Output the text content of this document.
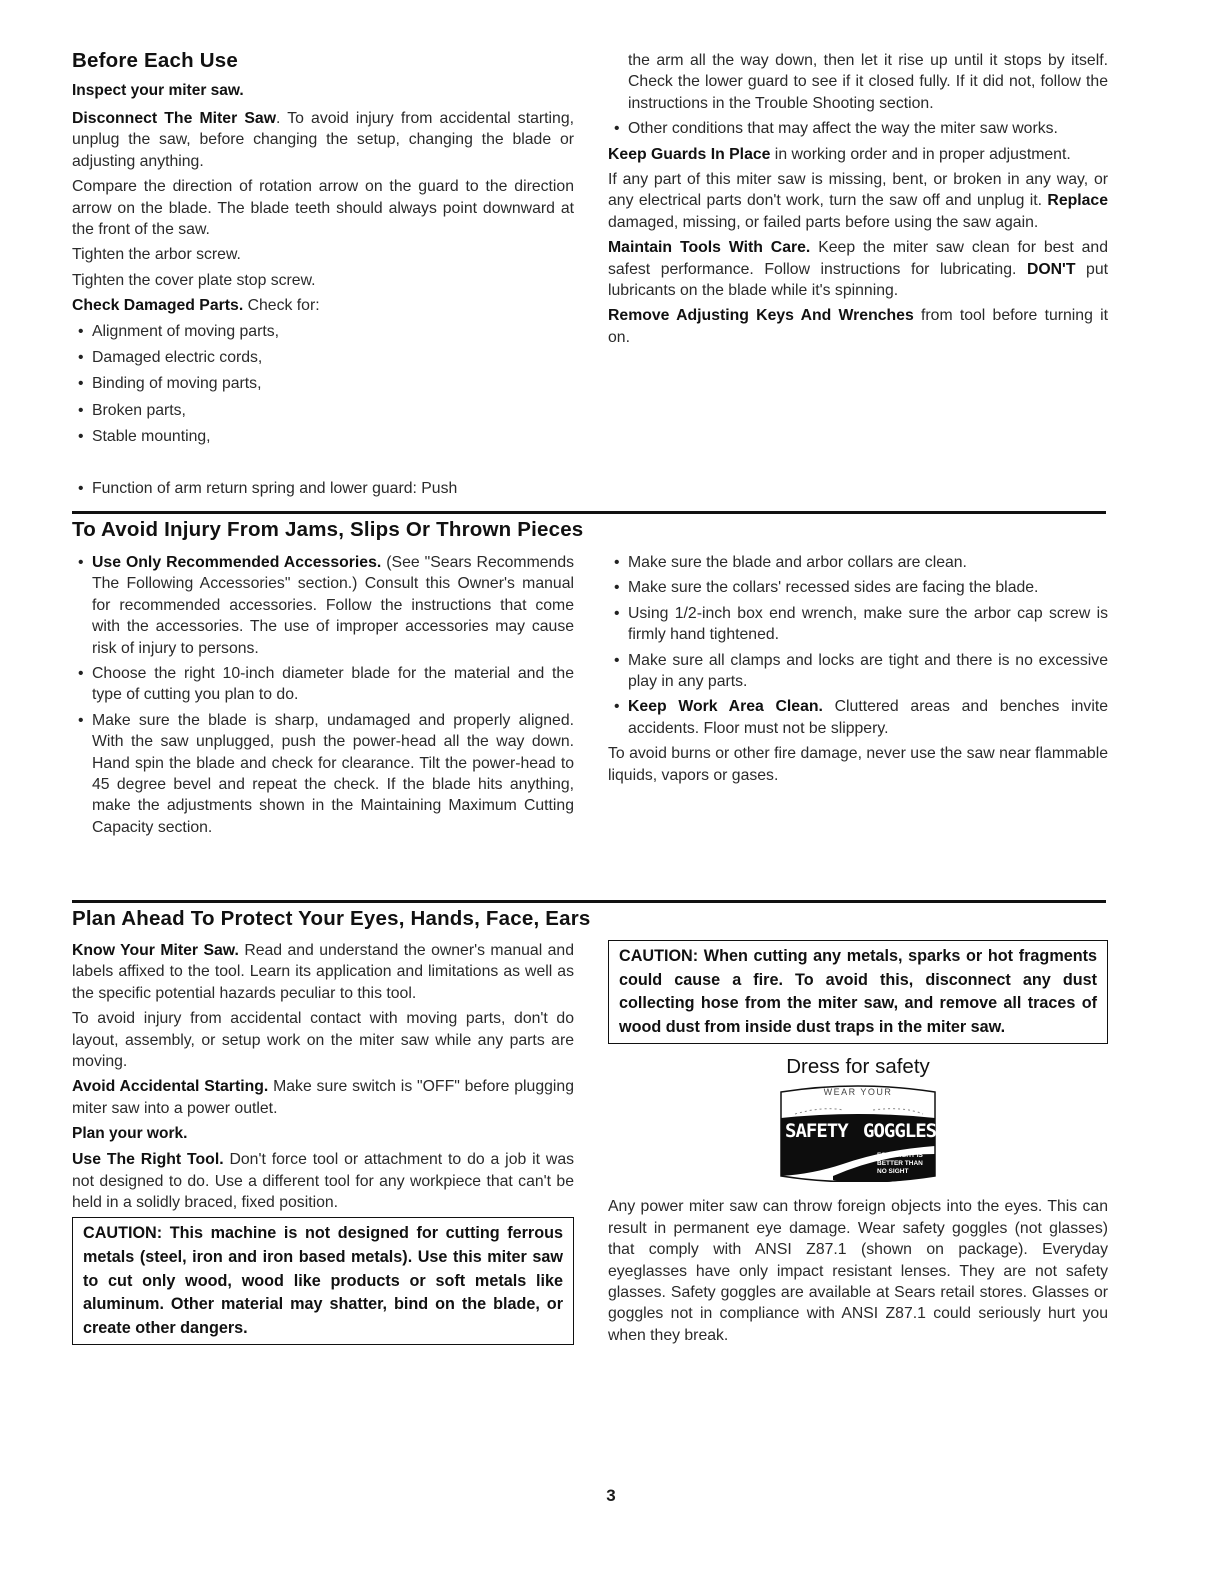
Before Each Use
Inspect your miter saw.

Disconnect The Miter Saw. To avoid injury from accidental starting, unplug the saw, before changing the setup, changing the blade or adjusting anything.

Compare the direction of rotation arrow on the guard to the direction arrow on the blade. The blade teeth should always point downward at the front of the saw.

Tighten the arbor screw.

Tighten the cover plate stop screw.

Check Damaged Parts. Check for:

• Alignment of moving parts,
• Damaged electric cords,
• Binding of moving parts,
• Broken parts,
• Stable mounting,
• Function of arm return spring and lower guard: Push

the arm all the way down, then let it rise up until it stops by itself. Check the lower guard to see if it closed fully. If it did not, follow the instructions in the Trouble Shooting section.

• Other conditions that may affect the way the miter saw works.

Keep Guards In Place in working order and in proper adjustment.

If any part of this miter saw is missing, bent, or broken in any way, or any electrical parts don't work, turn the saw off and unplug it. Replace damaged, missing, or failed parts before using the saw again.

Maintain Tools With Care. Keep the miter saw clean for best and safest performance. Follow instructions for lubricating. DON'T put lubricants on the blade while it's spinning.

Remove Adjusting Keys And Wrenches from tool before turning it on.

To Avoid Injury From Jams, Slips Or Thrown Pieces
• Use Only Recommended Accessories. (See "Sears Recommends The Following Accessories" section.) Consult this Owner's manual for recommended accessories. Follow the instructions that come with the accessories. The use of improper accessories may cause risk of injury to persons.
• Choose the right 10-inch diameter blade for the material and the type of cutting you plan to do.
• Make sure the blade is sharp, undamaged and properly aligned. With the saw unplugged, push the power-head all the way down. Hand spin the blade and check for clearance. Tilt the power-head to 45 degree bevel and repeat the check. If the blade hits anything, make the adjustments shown in the Maintaining Maximum Cutting Capacity section.
• Make sure the blade and arbor collars are clean.
• Make sure the collars' recessed sides are facing the blade.
• Using 1/2-inch box end wrench, make sure the arbor cap screw is firmly hand tightened.
• Make sure all clamps and locks are tight and there is no excessive play in any parts.
• Keep Work Area Clean. Cluttered areas and benches invite accidents. Floor must not be slippery.

To avoid burns or other fire damage, never use the saw near flammable liquids, vapors or gases.

Plan Ahead To Protect Your Eyes, Hands, Face, Ears

Know Your Miter Saw. Read and understand the owner's manual and labels affixed to the tool. Learn its application and limitations as well as the specific potential hazards peculiar to this tool.

To avoid injury from accidental contact with moving parts, don't do layout, assembly, or setup work on the miter saw while any parts are moving.

Avoid Accidental Starting. Make sure switch is "OFF" before plugging miter saw into a power outlet.

Plan your work.

Use The Right Tool. Don't force tool or attachment to do a job it was not designed to do. Use a different tool for any workpiece that can't be held in a solidly braced, fixed position.

CAUTION: This machine is not designed for cutting ferrous metals (steel, iron and iron based metals). Use this miter saw to cut only wood, wood like products or soft metals like aluminum. Other material may shatter, bind on the blade, or create other dangers.
CAUTION: When cutting any metals, sparks or hot fragments could cause a fire. To avoid this, disconnect any dust collecting hose from the miter saw, and remove all traces of wood dust from inside dust traps in the miter saw.
Dress for safety
WEAR YOUR
SAFETY GOGGLES
FORESIGHT IS
BETTER THAN
NO SIGHT

Any power miter saw can throw foreign objects into the eyes. This can result in permanent eye damage. Wear safety goggles (not glasses) that comply with ANSI Z87.1 (shown on package). Everyday eyeglasses have only impact resistant lenses. They are not safety glasses. Safety goggles are available at Sears retail stores. Glasses or goggles not in compliance with ANSI Z87.1 could seriously hurt you when they break.

3
